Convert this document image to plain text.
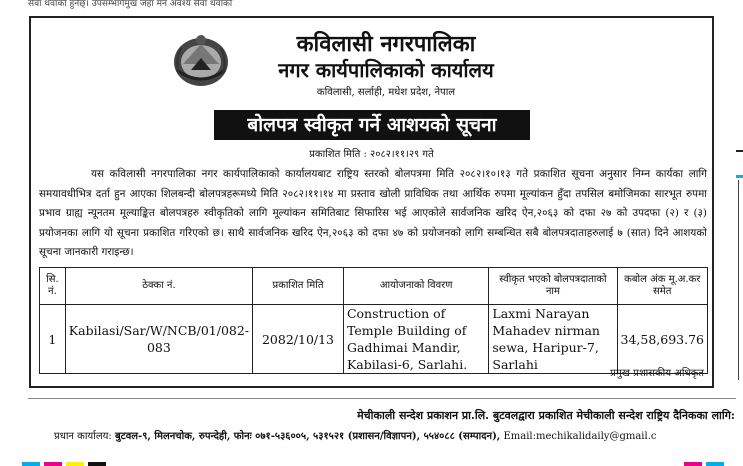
सेवा थवाको हुनेछ्। उपसम्भार्गमुख जहाँ मन अवश्य सेवा थवाको
कविलासी नगरपालिका
नगर कार्यपालिकाको कार्यालय
कविलासी, सर्लाही, मधेश प्रदेश, नेपाल
बोलपत्र स्वीकृत गर्ने आशयको सूचना
प्रकाशित मिति : २०८२।११।२९ गते
यस कविलासी नगरपालिका नगर कार्यपालिकाको कार्यालयबाट राष्ट्रिय स्तरको बोलपत्रमा मिति २०८२।१०।१३ गते प्रकाशित सूचना अनुसार निम्न कार्यका लागि समयावधीभित्र दर्ता हुन आएका शिलबन्दी बोलपत्रहरूमध्ये मिति २०८२।११।१४ मा प्रस्ताव खोली प्राविधिक तथा आर्थिक रुपमा मूल्यांकन हुँदा तपसिल बमोजिमका सारभूत रुपमा प्रभाव ग्राह्य न्यूनतम मूल्याङ्कित बोलपत्रहरु स्वीकृतिको लागि मूल्यांकन समितिबाट सिफारिस भई आएकोले सार्वजनिक खरिद ऐन,२०६३ को दफा २७ को उपदफा (२) र (३) प्रयोजनका लागि यो सूचना प्रकाशित गरिएको छ। साथै सार्वजनिक खरिद ऐन,२०६३ को दफा ४७ को प्रयोजनको लागि सम्बन्धित सबै बोलपत्रदाताहरुलाई ७ (सात) दिने आशयको सूचना जानकारी गराइन्छ।
सि. नं.	ठेक्का नं.	प्रकाशित मिति	आयोजनाको विवरण	स्वीकृत भएको बोलपत्रदाताको नाम	कबोल अंक मू.अ.कर समेत
1	Kabilasi/Sar/W/NCB/01/082-083	2082/10/13	Construction of Temple Building of Gadhimai Mandir, Kabilasi-6, Sarlahi.	Laxmi Narayan Mahadev nirman sewa, Haripur-7, Sarlahi	34,58,693.76
प्रमुख प्रशासकीय अधिकृत
मेचीकाली सन्देश प्रकाशन प्रा.लि. बुटवलद्वारा प्रकाशित मेचीकाली सन्देश राष्ट्रिय दैनिकका लागि:
प्रधान कार्यालय: बुटवल-९, मिलनचोक, रुपन्देही, फोनः ०७१-५३६००५, ५३१५२१ (प्रशासन/विज्ञापन), ५५४०८८ (सम्पादन), Email:mechikalidaily@gmail.c
